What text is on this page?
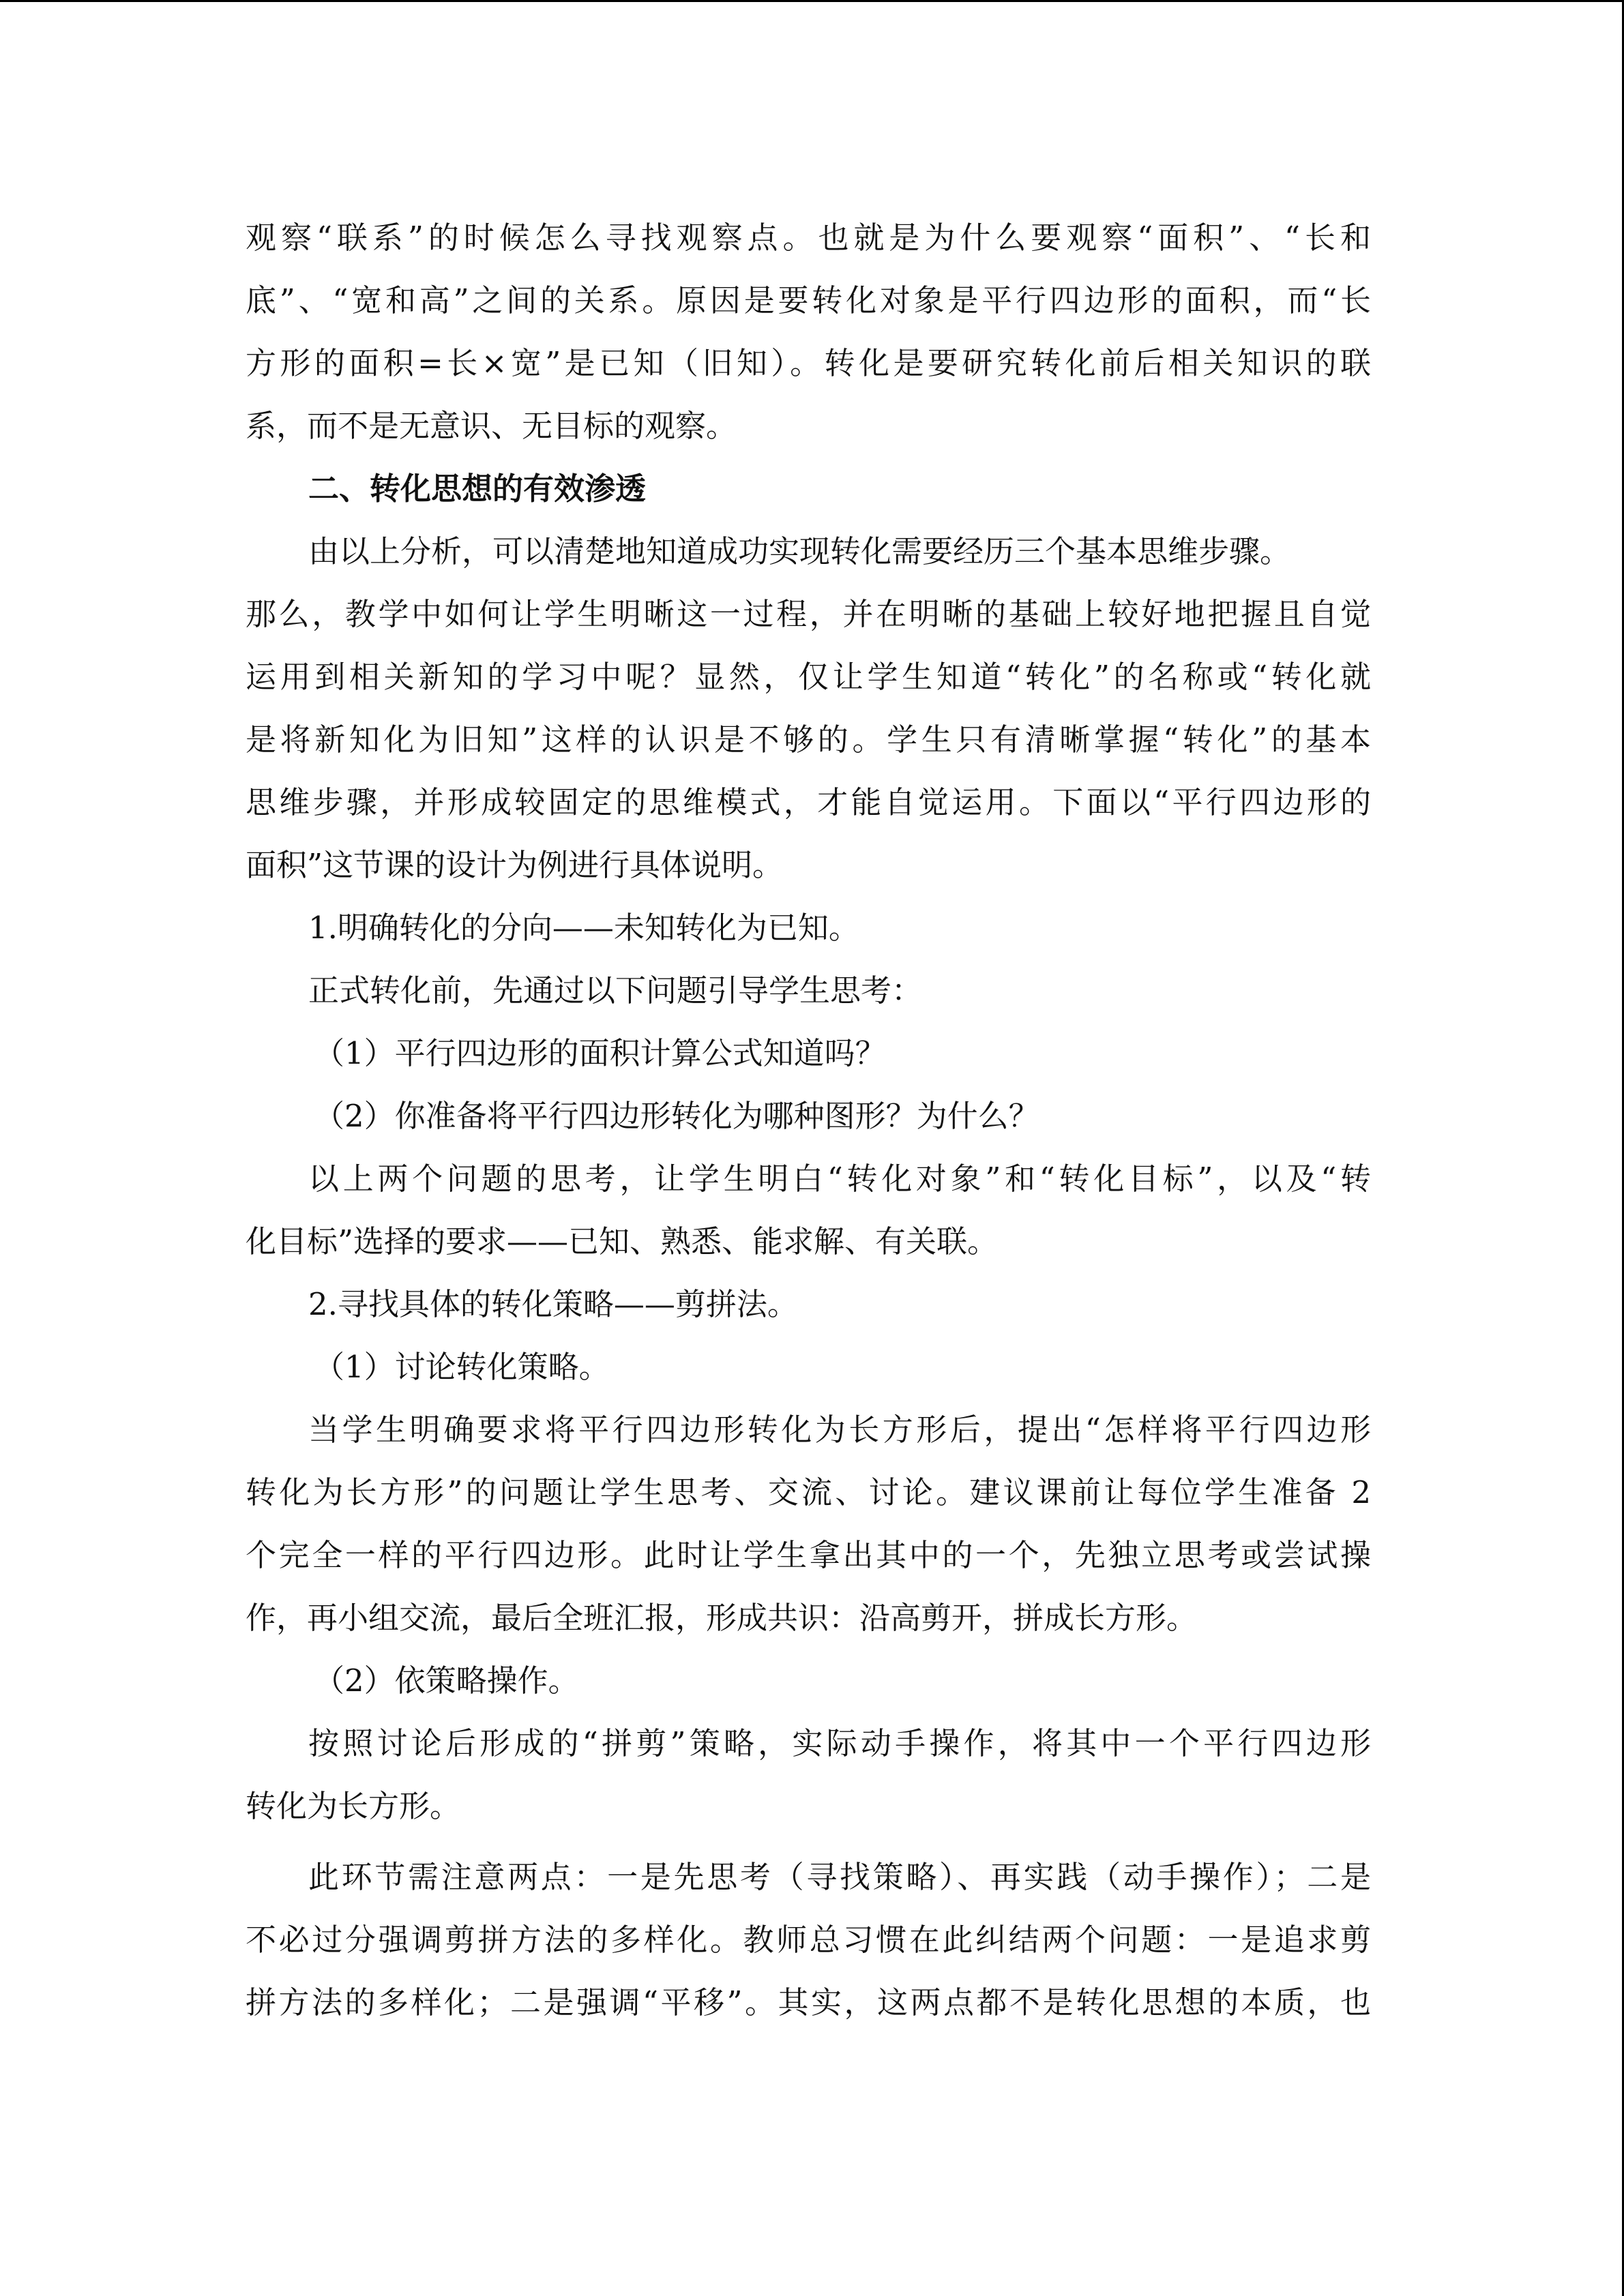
观察“联系”的时候怎么寻找观察点。也就是为什么要观察“面积”、“长和

底”、“宽和高”之间的关系。原因是要转化对象是平行四边形的面积，而“长

方形的面积=长×宽”是已知（旧知）。转化是要研究转化前后相关知识的联

系，而不是无意识、无目标的观察。

二、转化思想的有效渗透

由以上分析，可以清楚地知道成功实现转化需要经历三个基本思维步骤。

那么，教学中如何让学生明晰这一过程，并在明晰的基础上较好地把握且自觉

运用到相关新知的学习中呢？显然，仅让学生知道“转化”的名称或“转化就

是将新知化为旧知”这样的认识是不够的。学生只有清晰掌握“转化”的基本

思维步骤，并形成较固定的思维模式，才能自觉运用。下面以“平行四边形的

面积”这节课的设计为例进行具体说明。

1.明确转化的分向——未知转化为已知。

正式转化前，先通过以下问题引导学生思考：

（1）平行四边形的面积计算公式知道吗？

（2）你准备将平行四边形转化为哪种图形？为什么？

以上两个问题的思考，让学生明白“转化对象”和“转化目标”，以及“转

化目标”选择的要求——已知、熟悉、能求解、有关联。

2.寻找具体的转化策略——剪拼法。

（1）讨论转化策略。

当学生明确要求将平行四边形转化为长方形后，提出“怎样将平行四边形

转化为长方形”的问题让学生思考、交流、讨论。建议课前让每位学生准备 2

个完全一样的平行四边形。此时让学生拿出其中的一个，先独立思考或尝试操

作，再小组交流，最后全班汇报，形成共识：沿高剪开，拼成长方形。

（2）依策略操作。

按照讨论后形成的“拼剪”策略，实际动手操作，将其中一个平行四边形

转化为长方形。

此环节需注意两点：一是先思考（寻找策略）、再实践（动手操作）；二是

不必过分强调剪拼方法的多样化。教师总习惯在此纠结两个问题：一是追求剪

拼方法的多样化；二是强调“平移”。其实，这两点都不是转化思想的本质，也
